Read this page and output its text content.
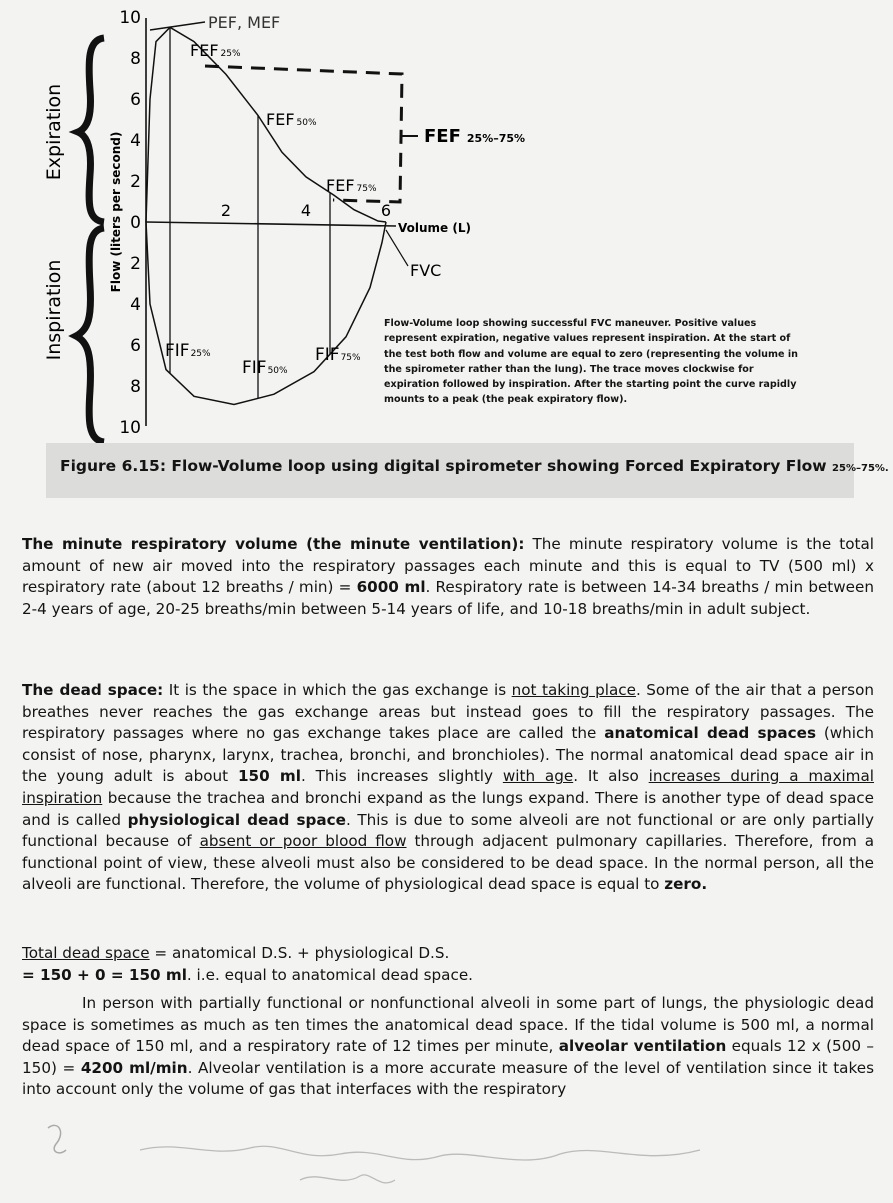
Expiration
Inspiration
Flow (liters per second)
10
8
6
4
2
0
2
4
6
8
10
2	4	6
PEF, MEF
FEF 25%
FEF 50%
FEF 75%
FEF 25%–75%
Volume (L)
FVC
FIF25%
FIF50%
FIF75%
Flow-Volume loop showing successful FVC maneuver. Positive values represent expiration, negative values represent inspiration. At the start of the test both flow and volume are equal to zero (representing the volume in the spirometer rather than the lung). The trace moves clockwise for expiration followed by inspiration. After the starting point the curve rapidly mounts to a peak (the peak expiratory flow).
Figure 6.15: Flow-Volume loop using digital spirometer showing Forced Expiratory Flow 25%–75%.
The minute respiratory volume (the minute ventilation): The minute respiratory volume is the total amount of new air moved into the respiratory passages each minute and this is equal to TV (500 ml) x respiratory rate (about 12 breaths / min) = 6000 ml. Respiratory rate is between 14-34 breaths / min between 2-4 years of age, 20-25 breaths/min between 5-14 years of life, and 10-18 breaths/min in adult subject.
The dead space: It is the space in which the gas exchange is not taking place. Some of the air that a person breathes never reaches the gas exchange areas but instead goes to fill the respiratory passages. The respiratory passages where no gas exchange takes place are called the anatomical dead spaces (which consist of nose, pharynx, larynx, trachea, bronchi, and bronchioles). The normal anatomical dead space air in the young adult is about 150 ml. This increases slightly with age. It also increases during a maximal inspiration because the trachea and bronchi expand as the lungs expand. There is another type of dead space and is called physiological dead space. This is due to some alveoli are not functional or are only partially functional because of absent or poor blood flow through adjacent pulmonary capillaries. Therefore, from a functional point of view, these alveoli must also be considered to be dead space. In the normal person, all the alveoli are functional. Therefore, the volume of physiological dead space is equal to zero.
Total dead space = anatomical D.S. + physiological D.S.
= 150 + 0 = 150 ml. i.e. equal to anatomical dead space.
In person with partially functional or nonfunctional alveoli in some part of lungs, the physiologic dead space is sometimes as much as ten times the anatomical dead space. If the tidal volume is 500 ml, a normal dead space of 150 ml, and a respiratory rate of 12 times per minute, alveolar ventilation equals 12 x (500 – 150) = 4200 ml/min. Alveolar ventilation is a more accurate measure of the level of ventilation since it takes into account only the volume of gas that interfaces with the respiratory
